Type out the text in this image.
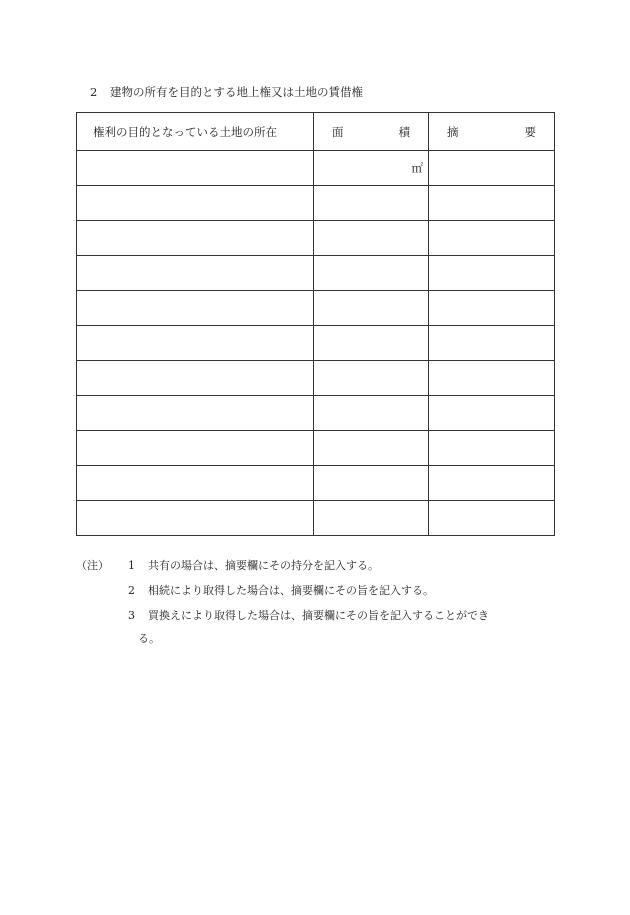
2 建物の所有を目的とする地上権又は土地の賃借権
権利の目的となっている土地の所在	面 積	摘 要

	㎡	

（注）	1	共有の場合は、摘要欄にその持分を記入する。
2	相続により取得した場合は、摘要欄にその旨を記入する。
3	買換えにより取得した場合は、摘要欄にその旨を記入することができ
る。
